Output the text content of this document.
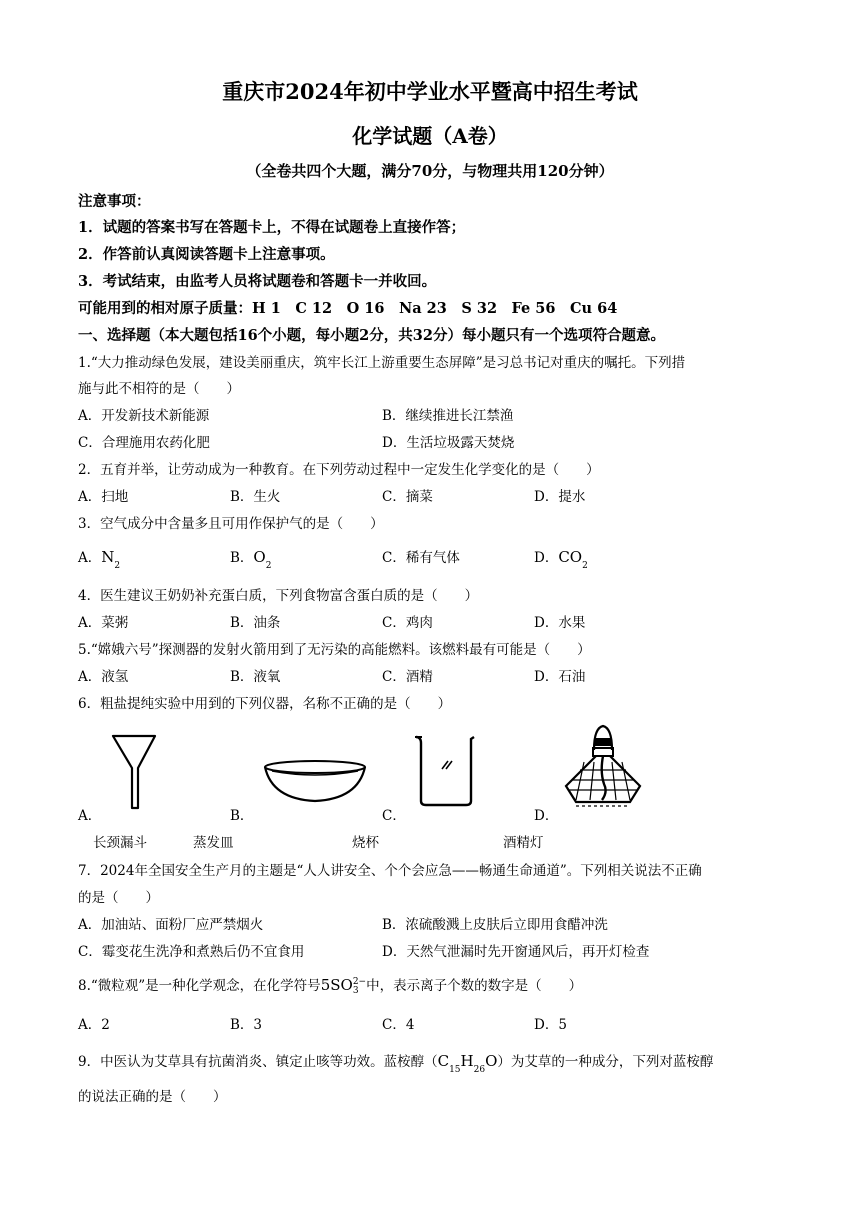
重庆市2024年初中学业水平暨高中招生考试
化学试题（A卷）
（全卷共四个大题，满分70分，与物理共用120分钟）
注意事项：
1．试题的答案书写在答题卡上，不得在试题卷上直接作答；
2．作答前认真阅读答题卡上注意事项。
3．考试结束，由监考人员将试题卷和答题卡一并收回。
可能用到的相对原子质量：H 1　C 12　O 16　Na 23　S 32　Fe 56　Cu 64
一、选择题（本大题包括16个小题，每小题2分，共32分）每小题只有一个选项符合题意。
1.“大力推动绿色发展，建设美丽重庆，筑牢长江上游重要生态屏障”是习总书记对重庆的嘱托。下列措
施与此不相符的是（　　）
A．开发新技术新能源	B．继续推进长江禁渔
C．合理施用农药化肥	D．生活垃圾露天焚烧
2．五育并举，让劳动成为一种教育。在下列劳动过程中一定发生化学变化的是（　　）
A．扫地	B．生火	C．摘菜	D．提水
3．空气成分中含量多且可用作保护气的是（　　）
A．$N_2$	B．$O_2$	C．稀有气体	D．$CO_2$
4．医生建议王奶奶补充蛋白质，下列食物富含蛋白质的是（　　）
A．菜粥	B．油条	C．鸡肉	D．水果
5.“嫦娥六号”探测器的发射火箭用到了无污染的高能燃料。该燃料最有可能是（　　）
A．液氢	B．液氧	C．酒精	D．石油
6．粗盐提纯实验中用到的下列仪器，名称不正确的是（　　）
A．	B．	C．	D．
长颈漏斗	蒸发皿	烧杯	酒精灯
7．2024年全国安全生产月的主题是“人人讲安全、个个会应急——畅通生命通道”。下列相关说法不正确
的是（　　）
A．加油站、面粉厂应严禁烟火	B．浓硫酸溅上皮肤后立即用食醋冲洗
C．霉变花生洗净和煮熟后仍不宜食用	D．天然气泄漏时先开窗通风后，再开灯检查
8.“微粒观”是一种化学观念，在化学符号5SO 2−
3 中，表示离子个数的数字是（　　）
A．2	B．3	C．4	D．5
9．中医认为艾草具有抗菌消炎、镇定止咳等功效。蓝桉醇$(C_{15}H_{26}O)$为艾草的一种成分，下列对蓝桉醇
的说法正确的是（　　）
